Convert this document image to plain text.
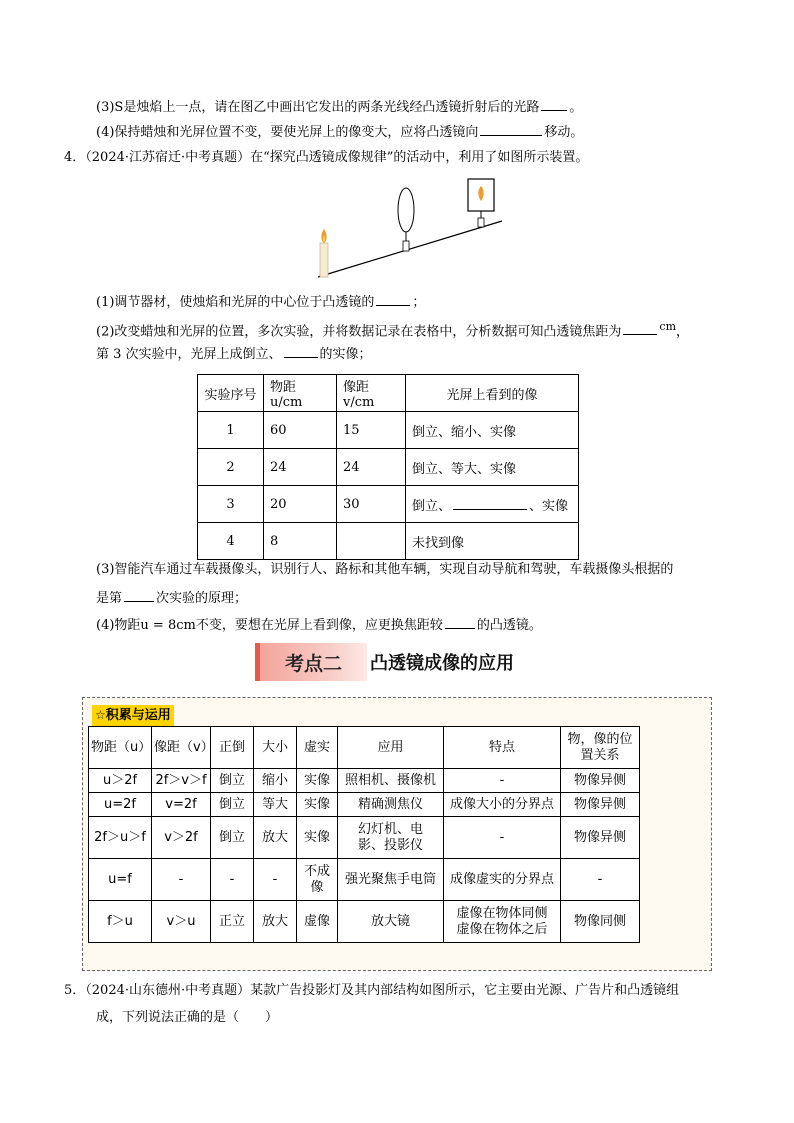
(3)S是烛焰上一点，请在图乙中画出它发出的两条光线经凸透镜折射后的光路 。
(4)保持蜡烛和光屏位置不变，要使光屏上的像变大，应将凸透镜向	移动。
4．（2024·江苏宿迁·中考真题）在“探究凸透镜成像规律”的活动中，利用了如图所示装置。
(1)调节器材，使烛焰和光屏的中心位于凸透镜的	；
(2)改变蜡烛和光屏的位置，多次实验，并将数据记录在表格中，分析数据可知凸透镜焦距为	$^{cm}$，
第 3 次实验中，光屏上成倒立、	的实像；
实验序号	物距 u/cm	像距 v/cm	光屏上看到的像
1	60	15	倒立、缩小、实像
2	24	24	倒立、等大、实像
3	20	30	倒立、 、实像
4	8		未找到像
(3)智能汽车通过车载摄像头，识别行人、路标和其他车辆，实现自动导航和驾驶，车载摄像头根据的
是第	次实验的原理；
(4)物距u = 8cm不变，要想在光屏上看到像，应更换焦距较	的凸透镜。
考点二	凸透镜成像的应用
☆积累与运用
物距（u）	像距（v）	正倒	大小	虚实	应用	特点	物，像的位置关系
u＞2f	2f＞v＞f	倒立	缩小	实像	照相机、摄像机	-	物像异侧
u=2f	v=2f	倒立	等大	实像	精确测焦仪	成像大小的分界点	物像异侧
2f＞u＞f	v＞2f	倒立	放大	实像	幻灯机、电影、投影仪	-	物像异侧
u=f	-	-	-	不成像	强光聚焦手电筒	成像虚实的分界点	-
f＞u	v＞u	正立	放大	虚像	放大镜	虚像在物体同侧 虚像在物体之后	物像同侧
5．（2024·山东德州·中考真题）某款广告投影灯及其内部结构如图所示，它主要由光源、广告片和凸透镜组
成，下列说法正确的是（　　）
